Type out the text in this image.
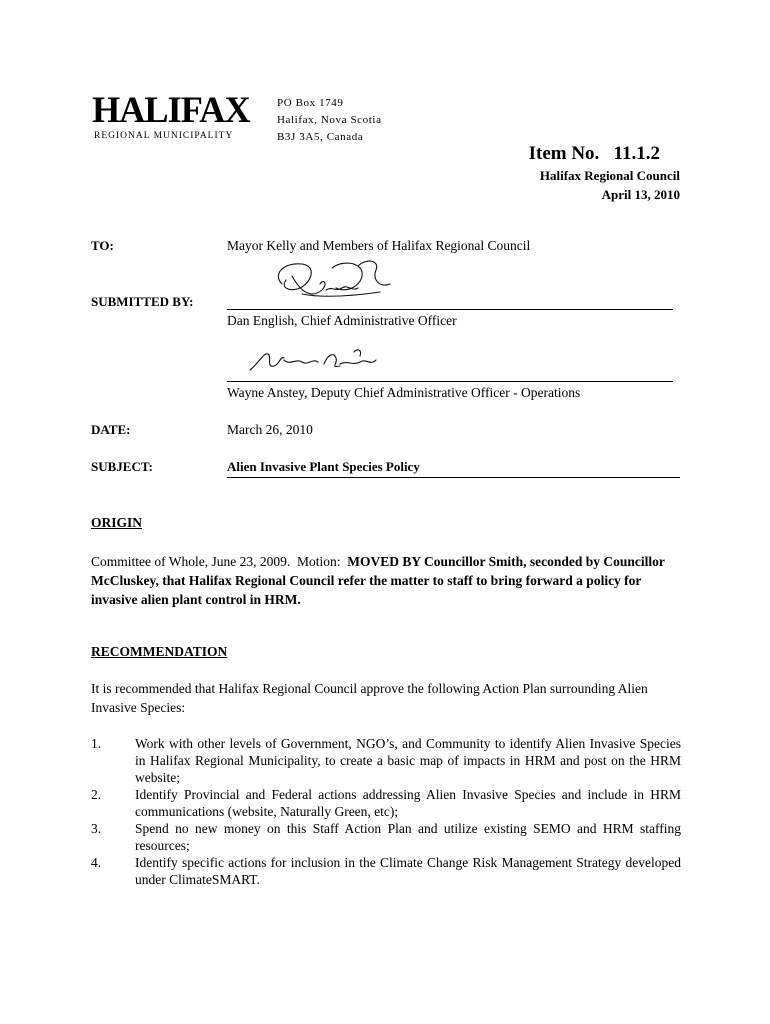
HALIFAX
REGIONAL MUNICIPALITY
PO Box 1749
Halifax, Nova Scotia
B3J 3A5, Canada
Item No.   11.1.2
Halifax Regional Council
April 13, 2010
TO:	Mayor Kelly and Members of Halifax Regional Council
SUBMITTED BY:
Dan English, Chief Administrative Officer
Wayne Anstey, Deputy Chief Administrative Officer - Operations
DATE:	March 26, 2010
SUBJECT:	Alien Invasive Plant Species Policy
ORIGIN
Committee of Whole, June 23, 2009.  Motion:  MOVED BY Councillor Smith, seconded by Councillor McCluskey, that Halifax Regional Council refer the matter to staff to bring forward a policy for invasive alien plant control in HRM.
RECOMMENDATION
It is recommended that Halifax Regional Council approve the following Action Plan surrounding Alien Invasive Species:
1.	Work with other levels of Government, NGO’s, and Community to identify Alien Invasive Species in Halifax Regional Municipality, to create a basic map of impacts in HRM and post on the HRM website;
2.	Identify Provincial and Federal actions addressing Alien Invasive Species and include in HRM communications (website, Naturally Green, etc);
3.	Spend no new money on this Staff Action Plan and utilize existing SEMO and HRM staffing resources;
4.	Identify specific actions for inclusion in the Climate Change Risk Management Strategy developed under ClimateSMART.
